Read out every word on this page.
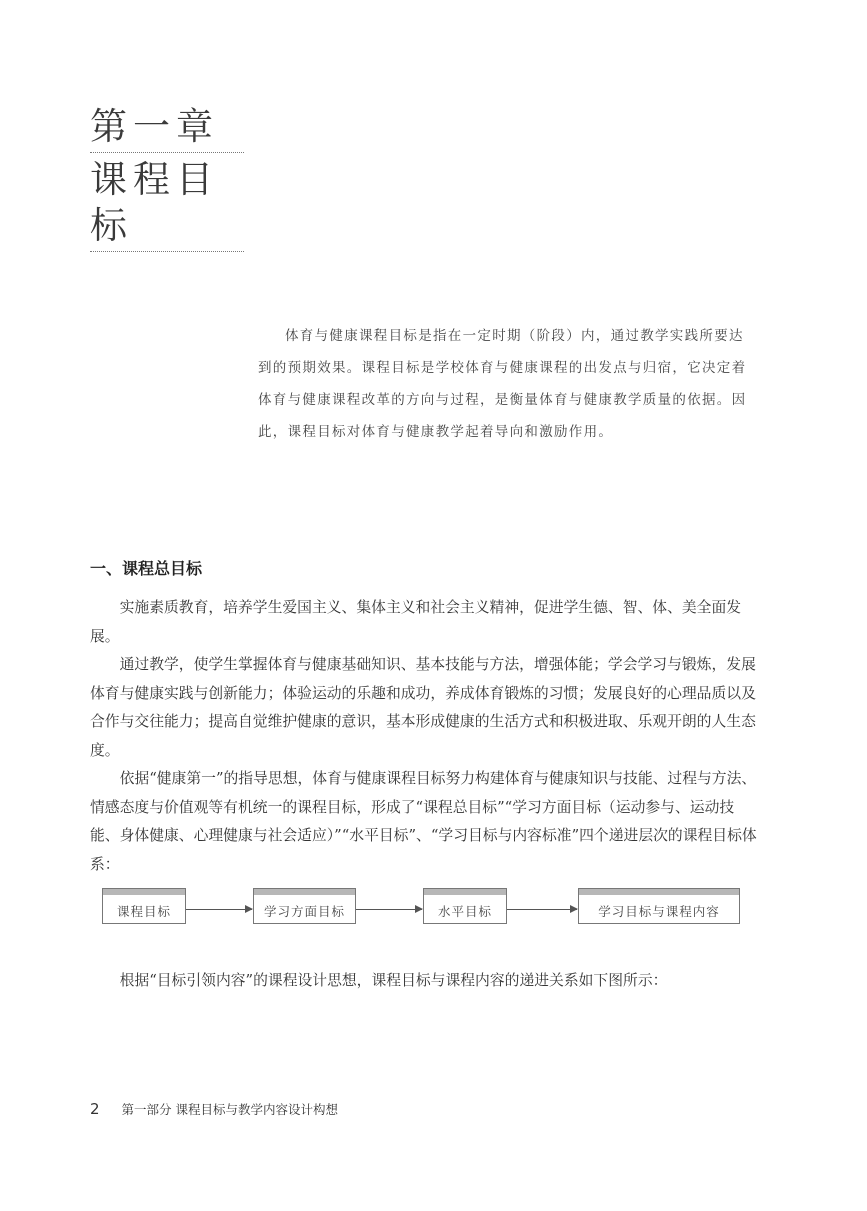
第一章
课程目标

体育与健康课程目标是指在一定时期（阶段）内，通过教学实践所要达到的预期效果。课程目标是学校体育与健康课程的出发点与归宿，它决定着体育与健康课程改革的方向与过程，是衡量体育与健康教学质量的依据。因此，课程目标对体育与健康教学起着导向和激励作用。

一、课程总目标

实施素质教育，培养学生爱国主义、集体主义和社会主义精神，促进学生德、智、体、美全面发展。

通过教学，使学生掌握体育与健康基础知识、基本技能与方法，增强体能；学会学习与锻炼，发展体育与健康实践与创新能力；体验运动的乐趣和成功，养成体育锻炼的习惯；发展良好的心理品质以及合作与交往能力；提高自觉维护健康的意识，基本形成健康的生活方式和积极进取、乐观开朗的人生态度。

依据“健康第一”的指导思想，体育与健康课程目标努力构建体育与健康知识与技能、过程与方法、情感态度与价值观等有机统一的课程目标，形成了“课程总目标”“学习方面目标（运动参与、运动技能、身体健康、心理健康与社会适应）”“水平目标”、“学习目标与内容标准”四个递进层次的课程目标体系：

课程目标	学习方面目标	水平目标	学习目标与课程内容

根据“目标引领内容”的课程设计思想，课程目标与课程内容的递进关系如下图所示：

2 第一部分 课程目标与教学内容设计构想
